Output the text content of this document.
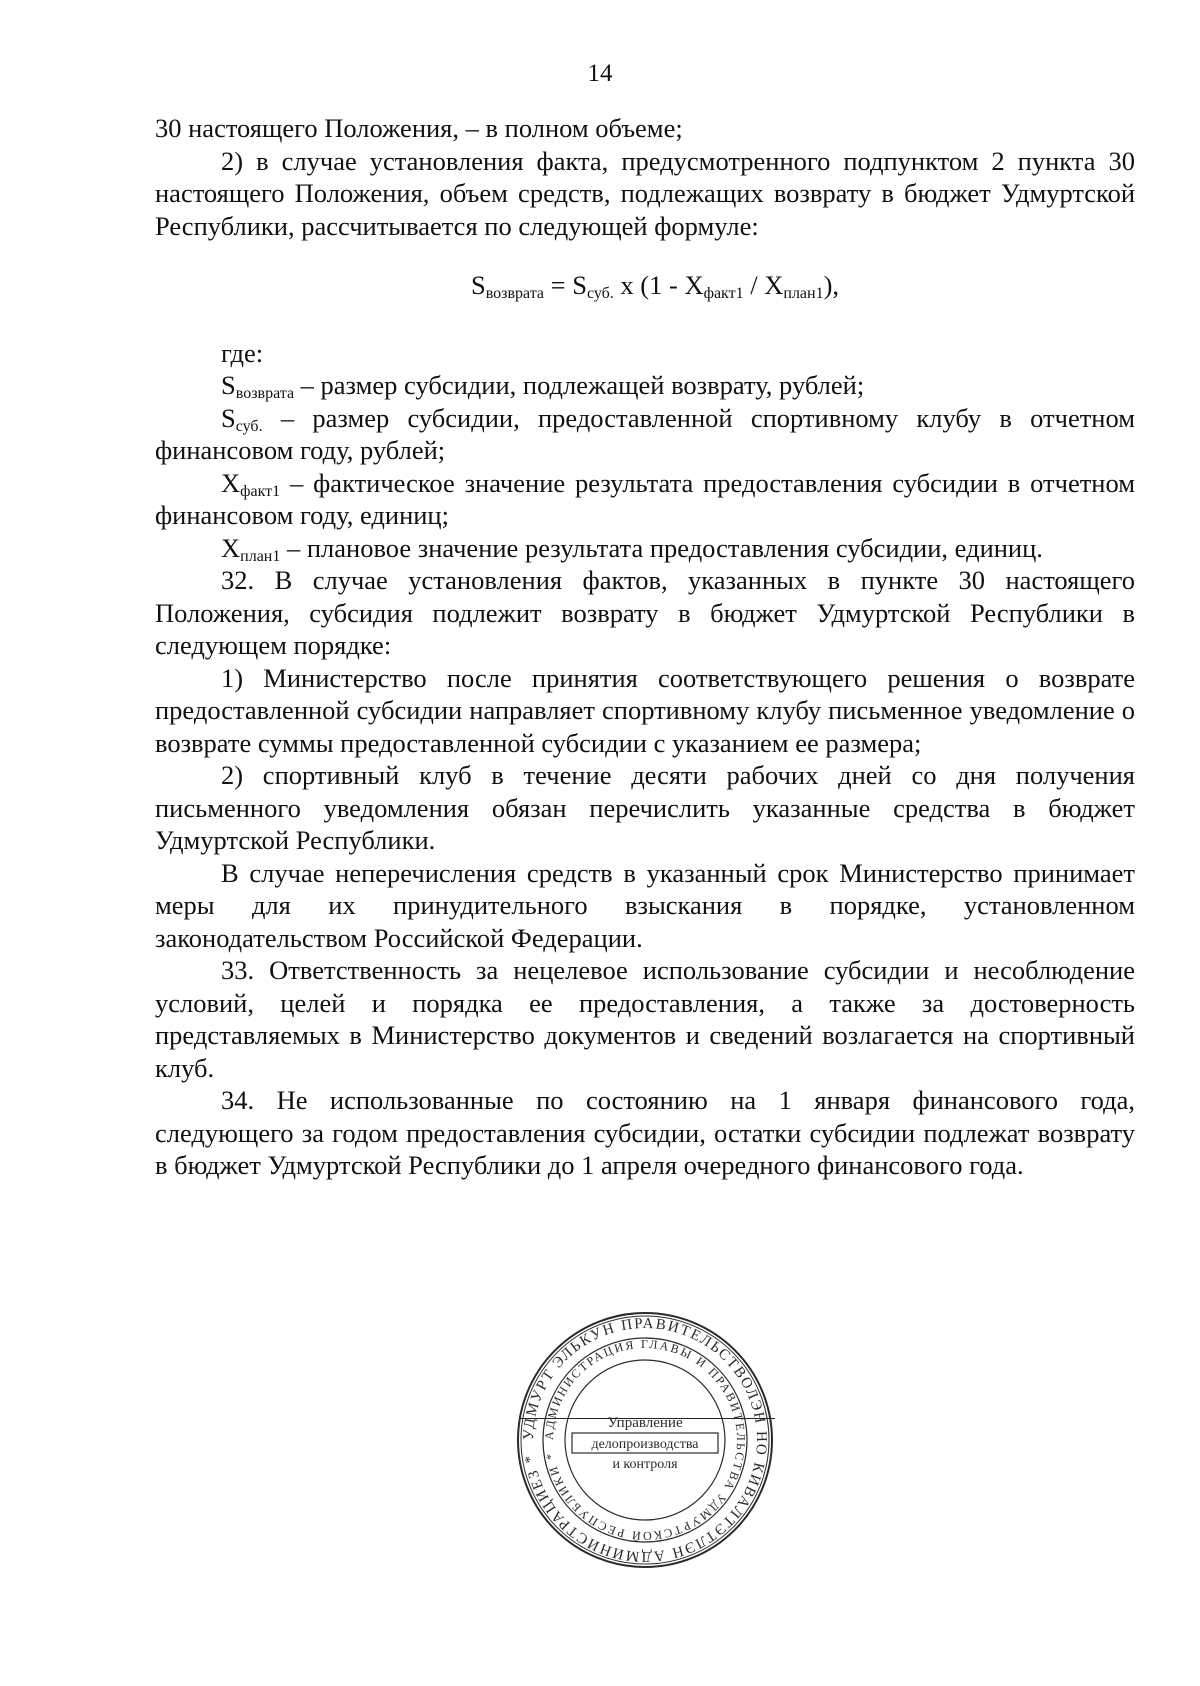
14

30 настоящего Положения, – в полном объеме;

2) в случае установления факта, предусмотренного подпунктом 2 пункта 30 настоящего Положения, объем средств, подлежащих возврату в бюджет Удмуртской Республики, рассчитывается по следующей формуле:

$S_{возврата} = S_{суб.}$ х $(1 - X_{факт1} / X_{план1})$,

где:

$S_{возврата}$ – размер субсидии, подлежащей возврату, рублей;

$S_{суб.}$ – размер субсидии, предоставленной спортивному клубу в отчетном финансовом году, рублей;

$X_{факт1}$ – фактическое значение результата предоставления субсидии в отчетном финансовом году, единиц;

$X_{план1}$ – плановое значение результата предоставления субсидии, единиц.

32. В случае установления фактов, указанных в пункте 30 настоящего Положения, субсидия подлежит возврату в бюджет Удмуртской Республики в следующем порядке:

1) Министерство после принятия соответствующего решения о возврате предоставленной субсидии направляет спортивному клубу письменное уведомление о возврате суммы предоставленной субсидии с указанием ее размера;

2) спортивный клуб в течение десяти рабочих дней со дня получения письменного уведомления обязан перечислить указанные средства в бюджет Удмуртской Республики.

В случае неперечисления средств в указанный срок Министерство принимает меры для их принудительного взыскания в порядке, установленном законодательством Российской Федерации.

33. Ответственность за нецелевое использование субсидии и несоблюдение условий, целей и порядка ее предоставления, а также за достоверность представляемых в Министерство документов и сведений возлагается на спортивный клуб.

34. Не использованные по состоянию на 1 января финансового года, следующего за годом предоставления субсидии, остатки субсидии подлежат возврату в бюджет Удмуртской Республики до 1 апреля очередного финансового года.

УДМУРТ ЭЛЬКУН ПРАВИТЕЛЬСТВОЛЭН НО КИВАЛТЭТЛЭН АДМИНИСТРАЦИЕЗ *
АДМИНИСТРАЦИЯ ГЛАВЫ И ПРАВИТЕЛЬСТВА УДМУРТСКОЙ РЕСПУБЛИКИ *
Управление
делопроизводства
и контроля
